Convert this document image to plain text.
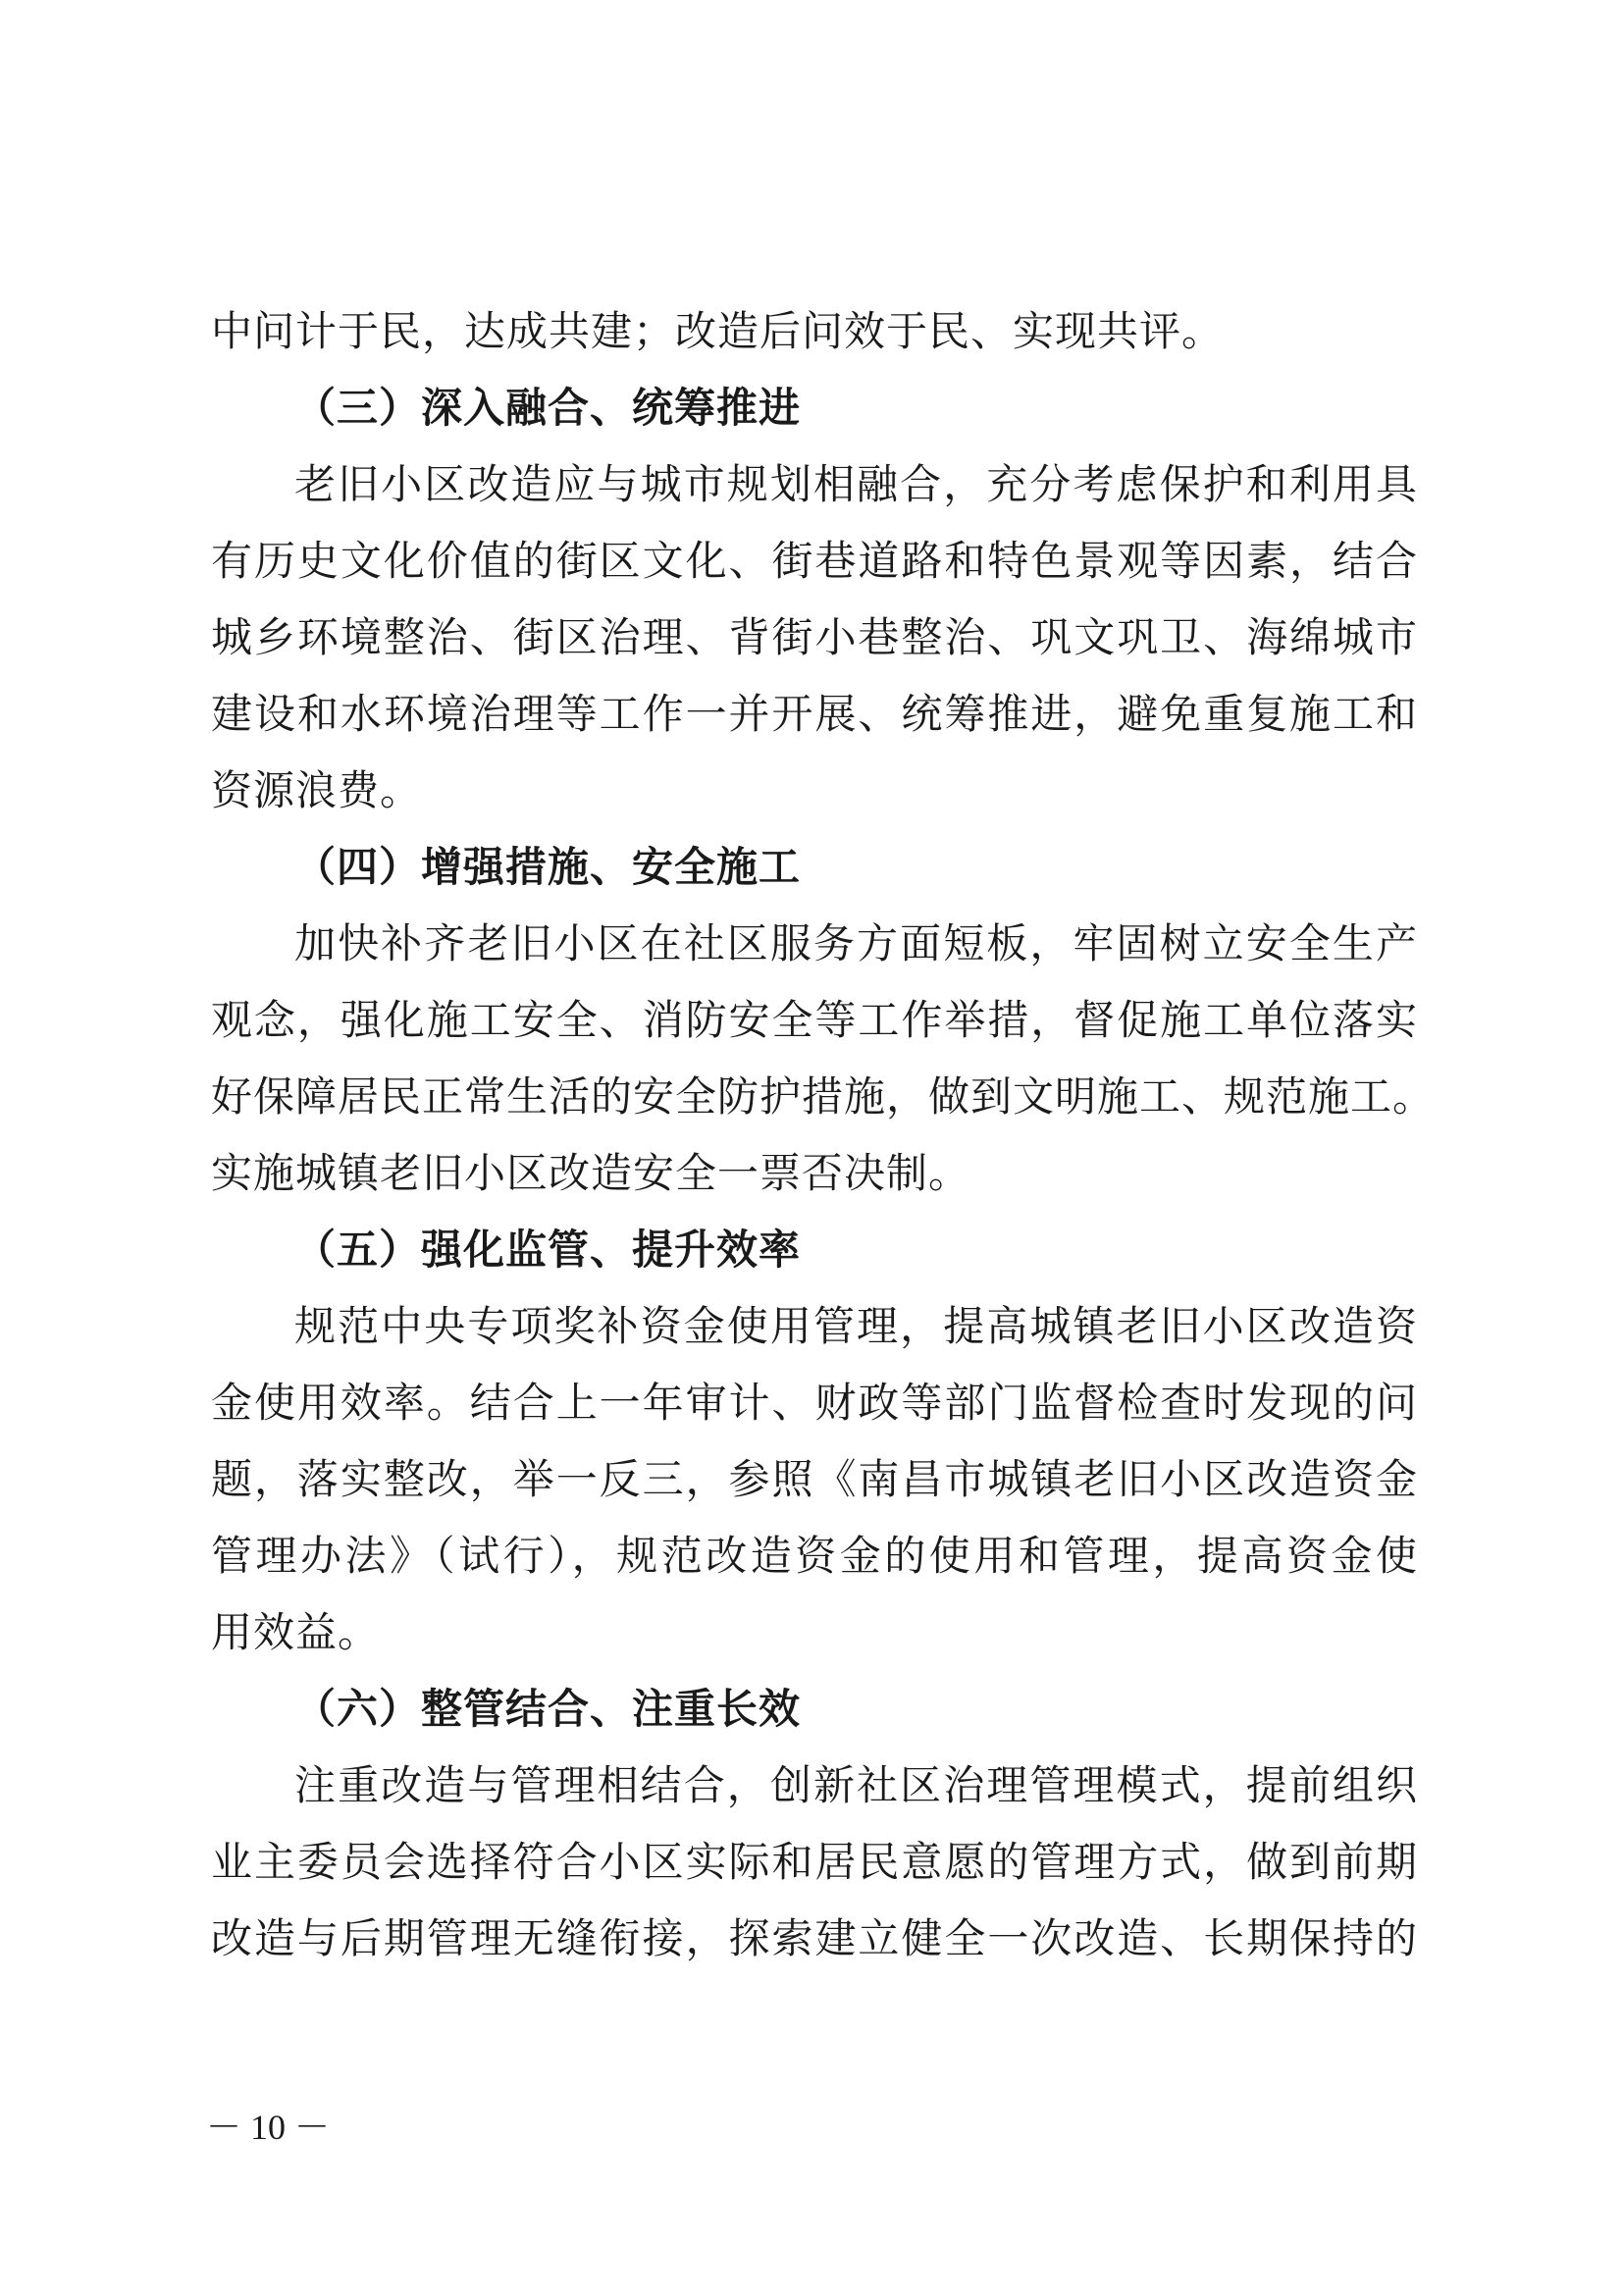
中问计于民，达成共建；改造后问效于民、实现共评。
（三）深入融合、统筹推进
老旧小区改造应与城市规划相融合，充分考虑保护和利用具
有历史文化价值的街区文化、街巷道路和特色景观等因素，结合
城乡环境整治、街区治理、背街小巷整治、巩文巩卫、海绵城市
建设和水环境治理等工作一并开展、统筹推进，避免重复施工和
资源浪费。
（四）增强措施、安全施工
加快补齐老旧小区在社区服务方面短板，牢固树立安全生产
观念，强化施工安全、消防安全等工作举措，督促施工单位落实
好保障居民正常生活的安全防护措施，做到文明施工、规范施工。
实施城镇老旧小区改造安全一票否决制。
（五）强化监管、提升效率
规范中央专项奖补资金使用管理，提高城镇老旧小区改造资
金使用效率。结合上一年审计、财政等部门监督检查时发现的问
题，落实整改，举一反三，参照《南昌市城镇老旧小区改造资金
管理办法》（试行），规范改造资金的使用和管理，提高资金使
用效益。
（六）整管结合、注重长效
注重改造与管理相结合，创新社区治理管理模式，提前组织
业主委员会选择符合小区实际和居民意愿的管理方式，做到前期
改造与后期管理无缝衔接，探索建立健全一次改造、长期保持的
－ 10 －
